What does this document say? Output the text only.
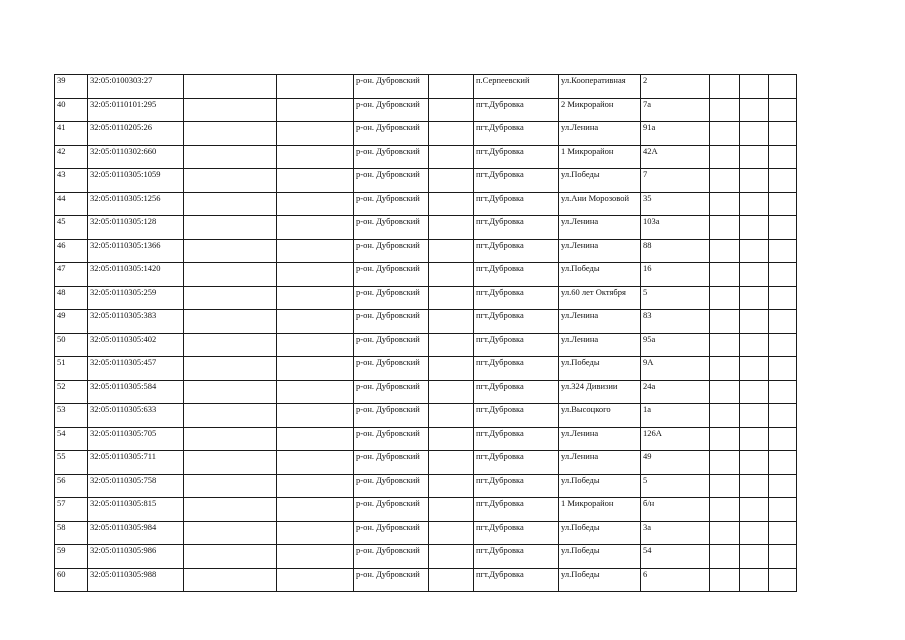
39	32:05:0100303:27			р-он. Дубровский		п.Серпеевский	ул.Кооперативная	2			
40	32:05:0110101:295			р-он. Дубровский		пгт.Дубровка	2 Микрорайон	7а			
41	32:05:0110205:26			р-он. Дубровский		пгт.Дубровка	ул.Ленина	91а			
42	32:05:0110302:660			р-он. Дубровский		пгт.Дубровка	1 Микрорайон	42А			
43	32:05:0110305:1059			р-он. Дубровский		пгт.Дубровка	ул.Победы	7			
44	32:05:0110305:1256			р-он. Дубровский		пгт.Дубровка	ул.Ани Морозовой	35			
45	32:05:0110305:128			р-он. Дубровский		пгт.Дубровка	ул.Ленина	103а			
46	32:05:0110305:1366			р-он. Дубровский		пгт.Дубровка	ул.Ленина	88			
47	32:05:0110305:1420			р-он. Дубровский		пгт.Дубровка	ул.Победы	16			
48	32:05:0110305:259			р-он. Дубровский		пгт.Дубровка	ул.60 лет Октября	5			
49	32:05:0110305:383			р-он. Дубровский		пгт.Дубровка	ул.Ленина	83			
50	32:05:0110305:402			р-он. Дубровский		пгт.Дубровка	ул.Ленина	95а			
51	32:05:0110305:457			р-он. Дубровский		пгт.Дубровка	ул.Победы	9А			
52	32:05:0110305:584			р-он. Дубровский		пгт.Дубровка	ул.324 Дивизии	24а			
53	32:05:0110305:633			р-он. Дубровский		пгт.Дубровка	ул.Высоцкого	1а			
54	32:05:0110305:705			р-он. Дубровский		пгт.Дубровка	ул.Ленина	126А			
55	32:05:0110305:711			р-он. Дубровский		пгт.Дубровка	ул.Ленина	49			
56	32:05:0110305:758			р-он. Дубровский		пгт.Дубровка	ул.Победы	5			
57	32:05:0110305:815			р-он. Дубровский		пгт.Дубровка	1 Микрорайон	б/н			
58	32:05:0110305:984			р-он. Дубровский		пгт.Дубровка	ул.Победы	3а			
59	32:05:0110305:986			р-он. Дубровский		пгт.Дубровка	ул.Победы	54			
60	32:05:0110305:988			р-он. Дубровский		пгт.Дубровка	ул.Победы	6			
